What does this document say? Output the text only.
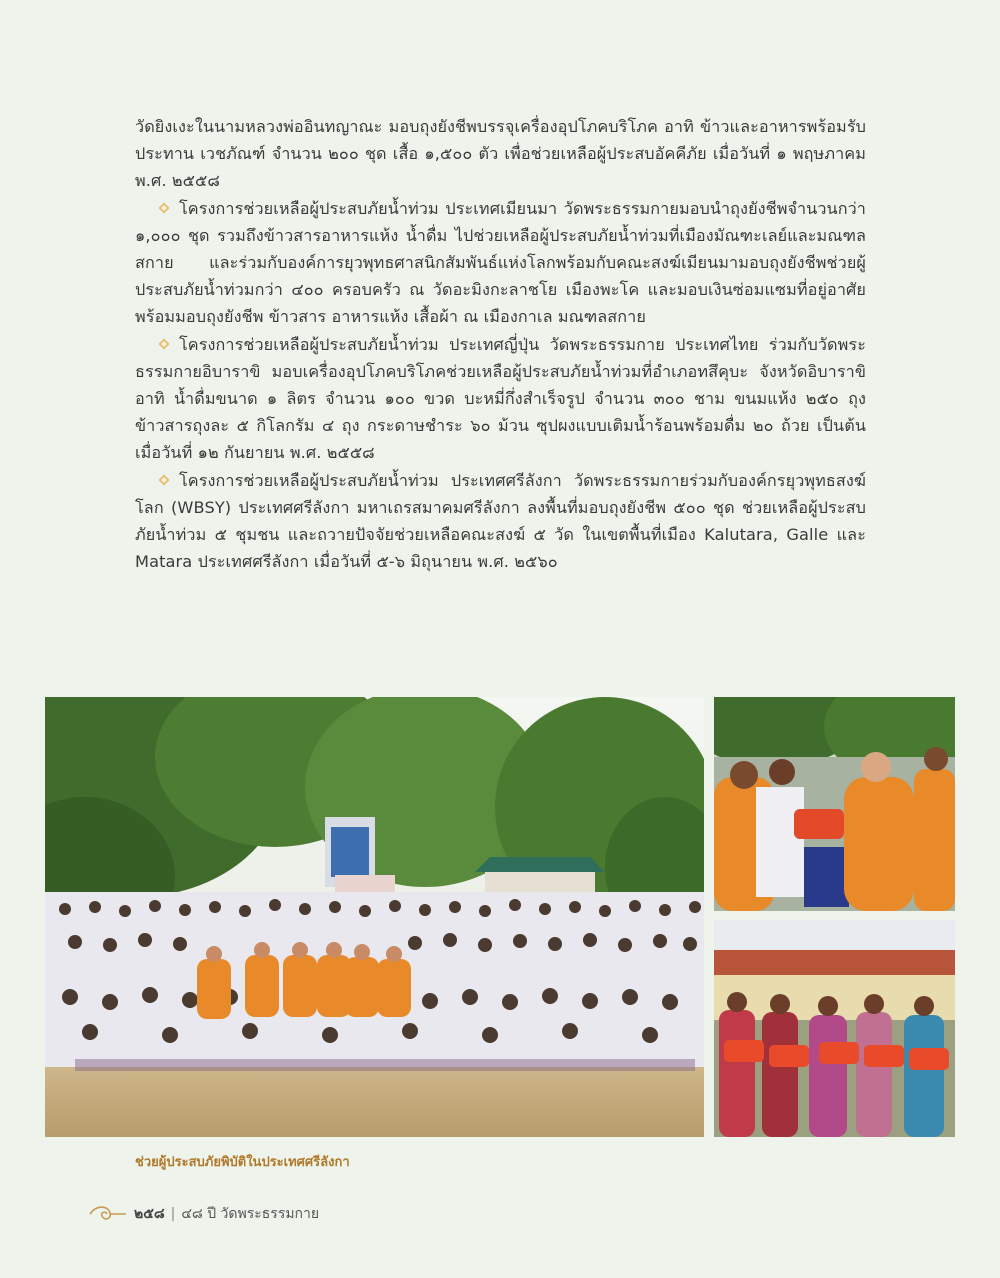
วัดยิงเงะในนามหลวงพ่ออินทญาณะ มอบถุงยังชีพบรรจุเครื่องอุปโภคบริโภค อาทิ ข้าวและอาหารพร้อมรับประทาน เวชภัณฑ์ จำนวน ๒๐๐ ชุด เสื้อ ๑,๕๐๐ ตัว เพื่อช่วยเหลือผู้ประสบอัคคีภัย เมื่อวันที่ ๑ พฤษภาคม พ.ศ. ๒๕๕๘

โครงการช่วยเหลือผู้ประสบภัยน้ำท่วม ประเทศเมียนมา วัดพระธรรมกายมอบนำถุงยังชีพจำนวนกว่า ๑,๐๐๐ ชุด รวมถึงข้าวสารอาหารแห้ง น้ำดื่ม ไปช่วยเหลือผู้ประสบภัยน้ำท่วมที่เมืองมัณฑะเลย์และมณฑลสกาย และร่วมกับองค์การยุวพุทธศาสนิกสัมพันธ์แห่งโลกพร้อมกับคณะสงฆ์เมียนมามอบถุงยังชีพช่วยผู้ประสบภัยน้ำท่วมกว่า ๔๐๐ ครอบครัว ณ วัดอะมิงกะลาชโย เมืองพะโค และมอบเงินซ่อมแซมที่อยู่อาศัย พร้อมมอบถุงยังชีพ ข้าวสาร อาหารแห้ง เสื้อผ้า ณ เมืองกาเล มณฑลสกาย

โครงการช่วยเหลือผู้ประสบภัยน้ำท่วม ประเทศญี่ปุ่น วัดพระธรรมกาย ประเทศไทย ร่วมกับวัดพระธรรมกายอิบาราขิ มอบเครื่องอุปโภคบริโภคช่วยเหลือผู้ประสบภัยน้ำท่วมที่อำเภอทสึคุบะ จังหวัดอิบาราขิ อาทิ น้ำดื่มขนาด ๑ ลิตร จำนวน ๑๐๐ ขวด บะหมี่กึ่งสำเร็จรูป จำนวน ๓๐๐ ชาม ขนมแห้ง ๒๕๐ ถุง ข้าวสารถุงละ ๕ กิโลกรัม ๔ ถุง กระดาษชำระ ๖๐ ม้วน ซุปผงแบบเติมน้ำร้อนพร้อมดื่ม ๒๐ ถ้วย เป็นต้น เมื่อวันที่ ๑๒ กันยายน พ.ศ. ๒๕๕๘

โครงการช่วยเหลือผู้ประสบภัยน้ำท่วม ประเทศศรีลังกา วัดพระธรรมกายร่วมกับองค์กรยุวพุทธสงฆ์โลก (WBSY) ประเทศศรีลังกา มหาเถรสมาคมศรีลังกา ลงพื้นที่มอบถุงยังชีพ ๕๐๐ ชุด ช่วยเหลือผู้ประสบภัยน้ำท่วม ๕ ชุมชน และถวายปัจจัยช่วยเหลือคณะสงฆ์ ๕ วัด ในเขตพื้นที่เมือง Kalutara, Galle และ Matara ประเทศศรีลังกา เมื่อวันที่ ๕-๖ มิถุนายน พ.ศ. ๒๕๖๐

ช่วยผู้ประสบภัยพิบัติในประเทศศรีลังกา
๒๕๘ | ๔๘ ปี วัดพระธรรมกาย
